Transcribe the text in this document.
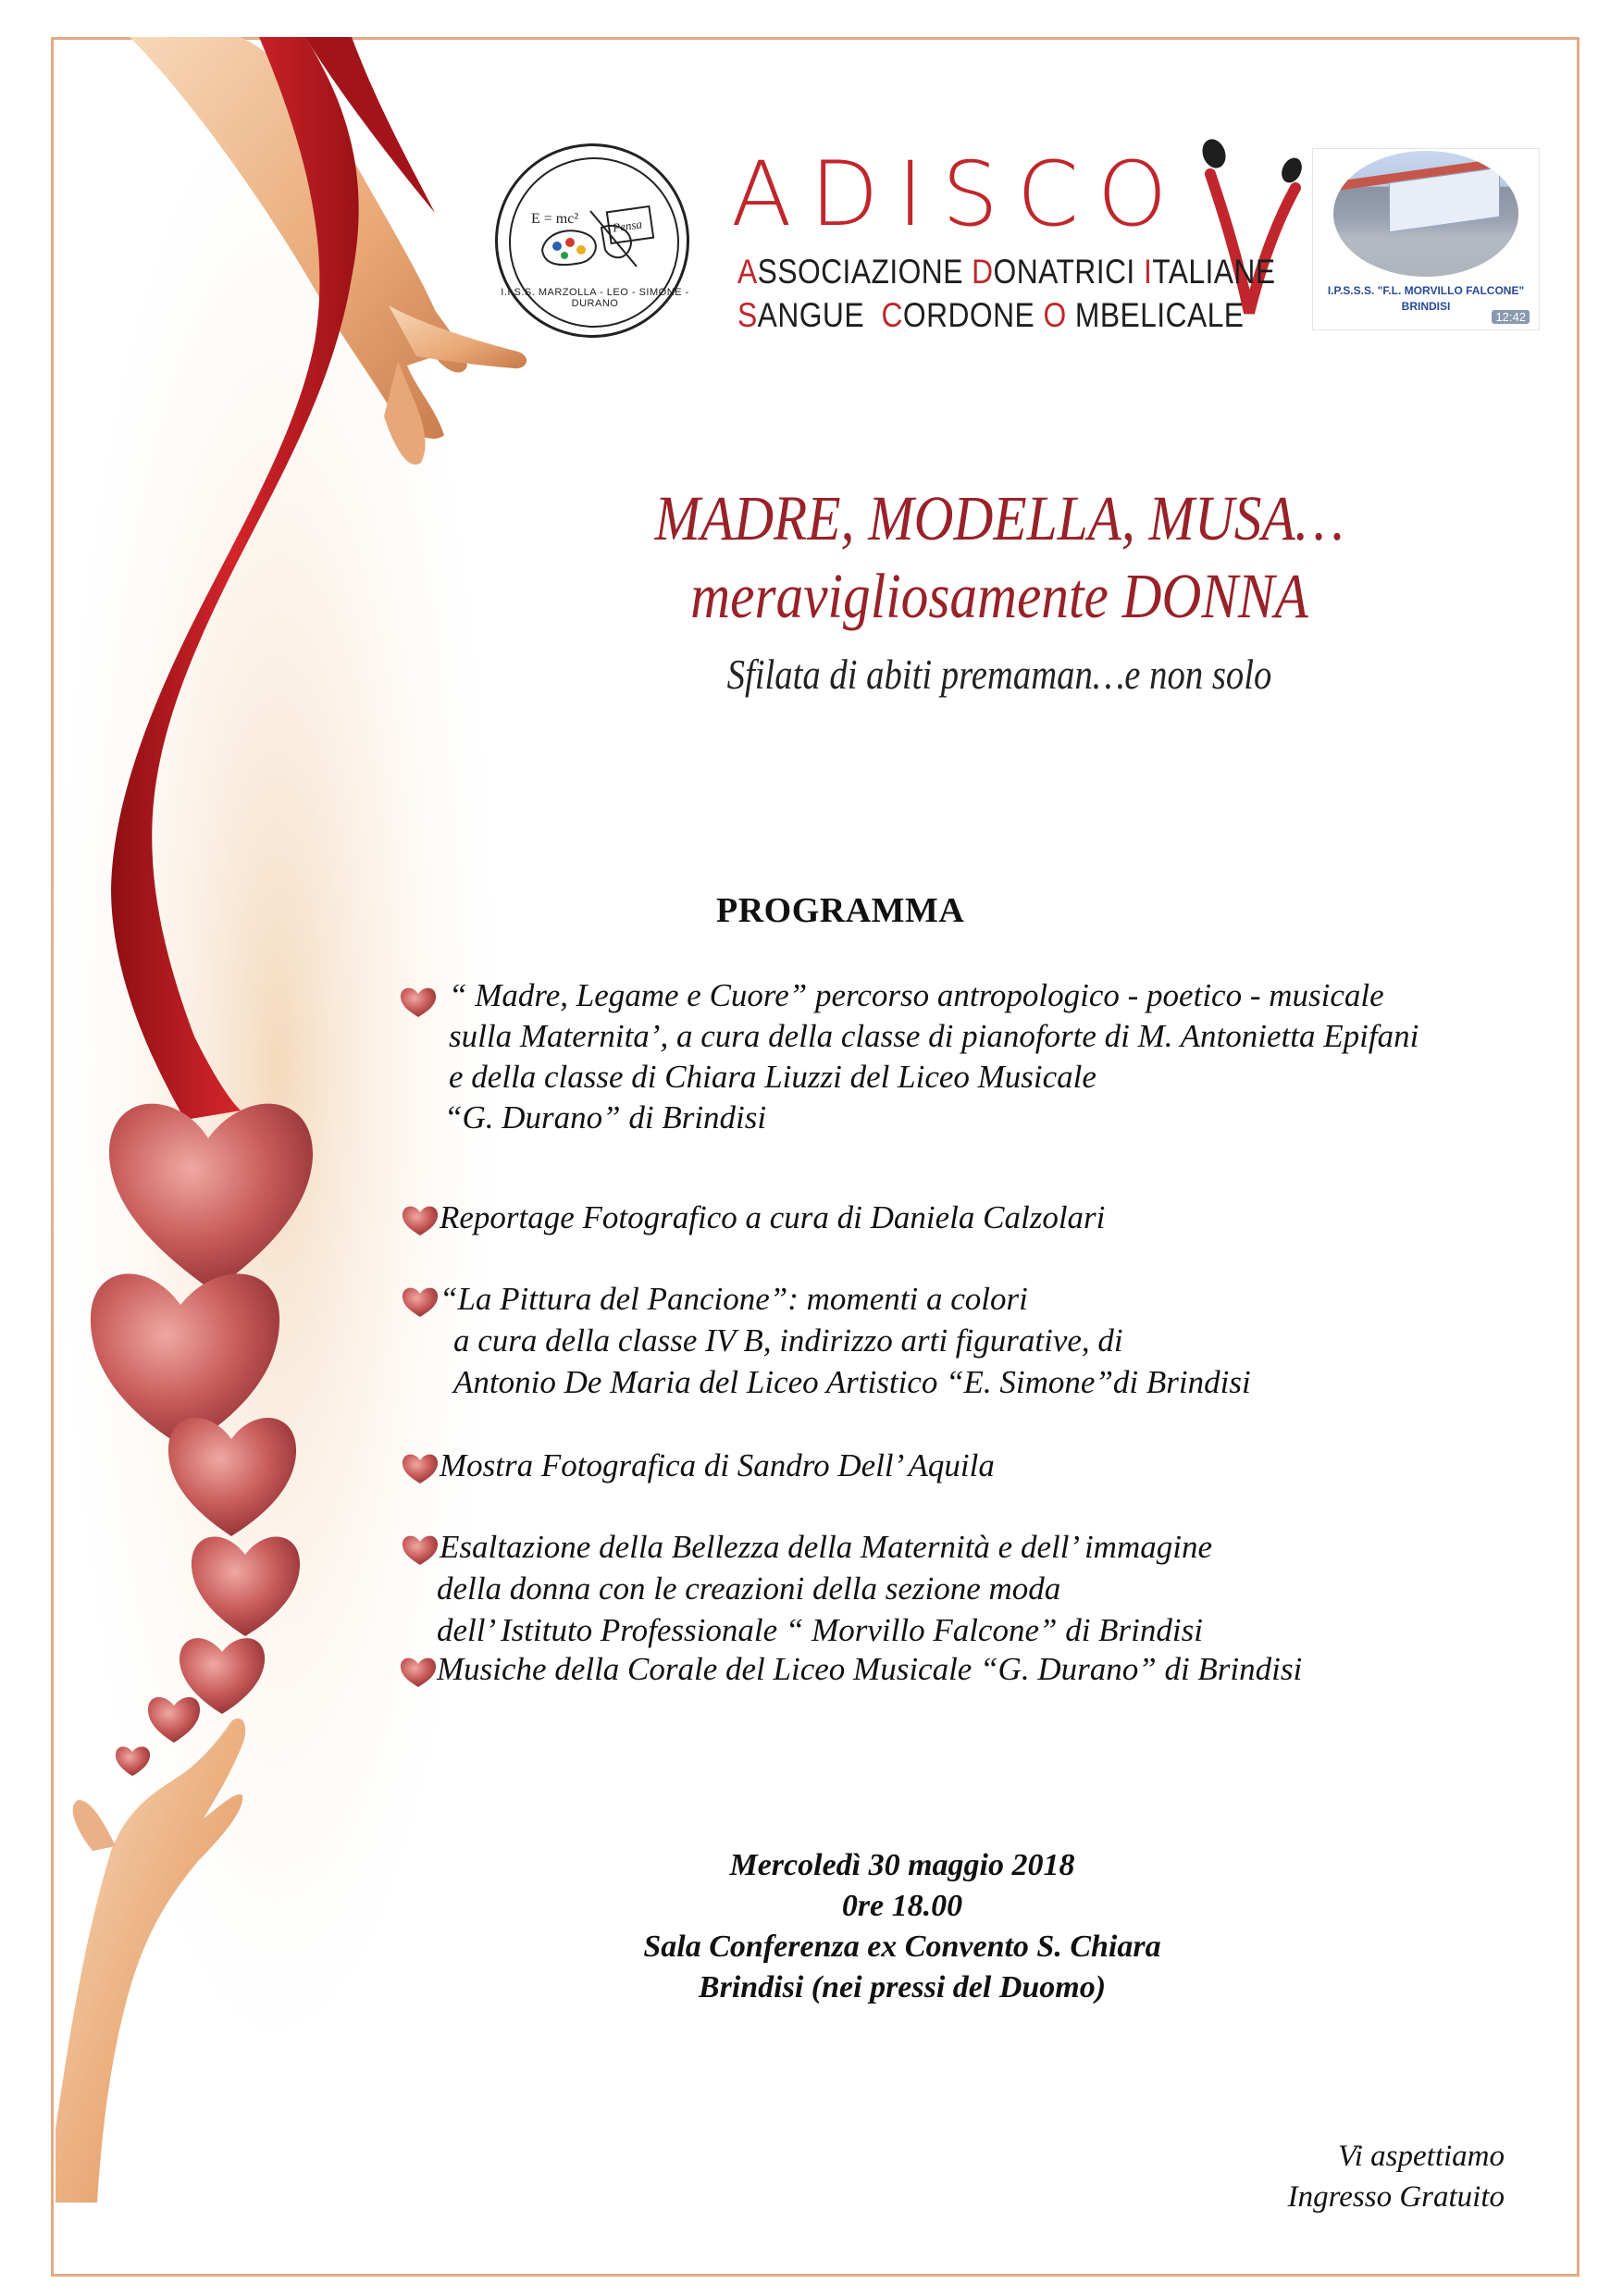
Pensa
E = mc²
I.I.S.S. MARZOLLA - LEO - SIMONE - DURANO
ADISCO
ASSOCIAZIONE DONATRICI ITALIANE
SANGUE  CORDONE O MBELICALE
I.P.S.S.S. "F.L. MORVILLO FALCONE"
BRINDISI
12:42
MADRE, MODELLA, MUSA…
meravigliosamente DONNA
Sfilata di abiti premaman…e non solo
PROGRAMMA
“ Madre, Legame e Cuore” percorso antropologico - poetico - musicale
sulla Maternita’, a cura della classe di pianoforte di M. Antonietta Epifani
e della classe di Chiara Liuzzi del Liceo Musicale
“G. Durano” di Brindisi
Reportage Fotografico a cura di Daniela Calzolari
“La Pittura del Pancione”: momenti a colori
a cura della classe IV B, indirizzo arti figurative, di
Antonio De Maria del Liceo Artistico “E. Simone”di Brindisi
Mostra Fotografica di Sandro Dell’ Aquila
Esaltazione della Bellezza della Maternità e dell’ immagine
della donna con le creazioni della sezione moda
dell’ Istituto Professionale “ Morvillo Falcone” di Brindisi
Musiche della Corale del Liceo Musicale “G. Durano” di Brindisi
Mercoledì 30 maggio 2018
0re 18.00
Sala Conferenza ex Convento S. Chiara
Brindisi (nei pressi del Duomo)
Vi aspettiamo
Ingresso Gratuito
